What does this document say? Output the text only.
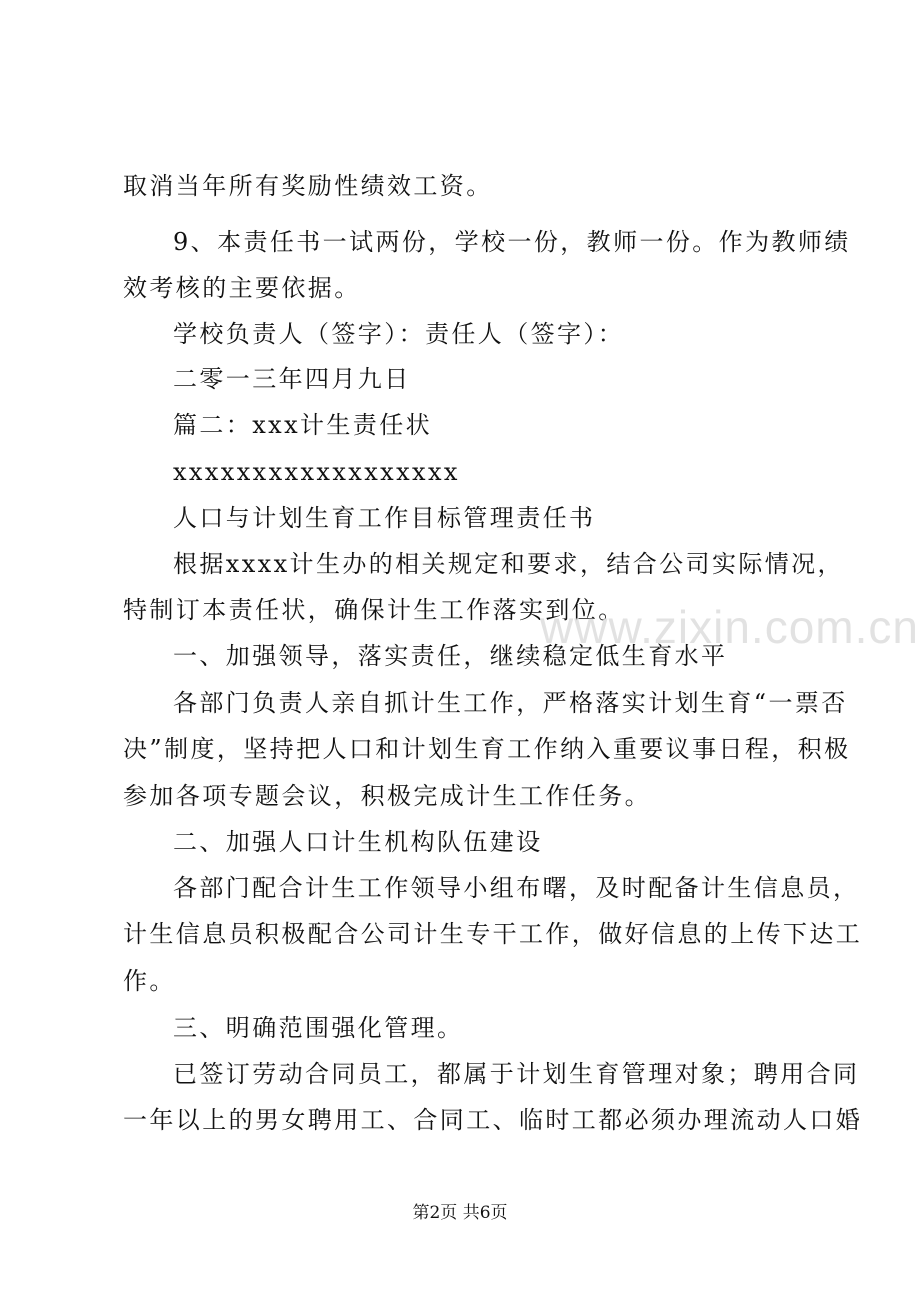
取消当年所有奖励性绩效工资。
9、本责任书一试两份，学校一份，教师一份。作为教师绩
效考核的主要依据。
学校负责人（签字）：责任人（签字）：
二零一三年四月九日
篇二：xxx计生责任状
xxxxxxxxxxxxxxxxxx
人口与计划生育工作目标管理责任书
根据xxxx计生办的相关规定和要求，结合公司实际情况，
特制订本责任状，确保计生工作落实到位。
一、加强领导，落实责任，继续稳定低生育水平
各部门负责人亲自抓计生工作，严格落实计划生育“一票否
决”制度，坚持把人口和计划生育工作纳入重要议事日程，积极
参加各项专题会议，积极完成计生工作任务。
二、加强人口计生机构队伍建设
各部门配合计生工作领导小组布曙，及时配备计生信息员，
计生信息员积极配合公司计生专干工作，做好信息的上传下达工
作。
三、明确范围强化管理。
已签订劳动合同员工，都属于计划生育管理对象；聘用合同
一年以上的男女聘用工、合同工、临时工都必须办理流动人口婚
www.zixin.com.cn
第2页 共6页
